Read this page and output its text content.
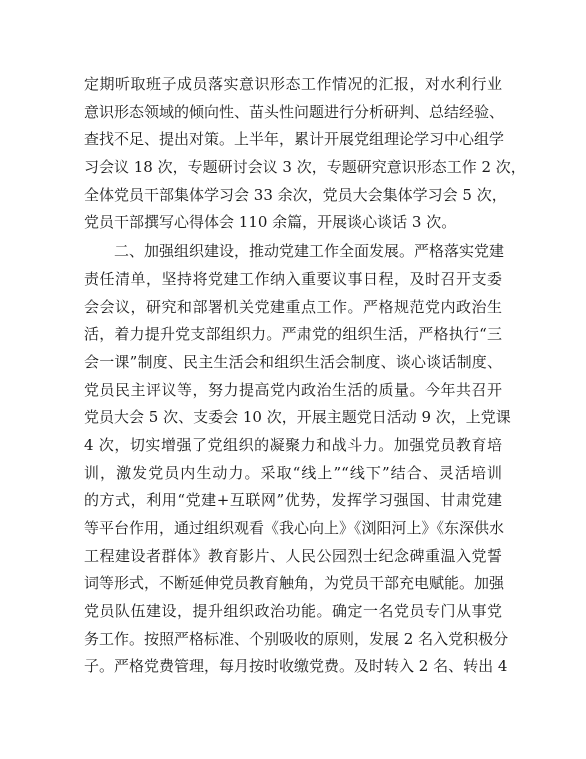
定期听取班子成员落实意识形态工作情况的汇报，对水利行业
意识形态领域的倾向性、苗头性问题进行分析研判、总结经验、
查找不足、提出对策。上半年，累计开展党组理论学习中心组学
习会议 18 次，专题研讨会议 3 次，专题研究意识形态工作 2 次，
全体党员干部集体学习会 33 余次，党员大会集体学习会 5 次，
党员干部撰写心得体会 110 余篇，开展谈心谈话 3 次。
　　二、加强组织建设，推动党建工作全面发展。严格落实党建
责任清单，坚持将党建工作纳入重要议事日程，及时召开支委
会会议，研究和部署机关党建重点工作。严格规范党内政治生
活，着力提升党支部组织力。严肃党的组织生活，严格执行“三
会一课”制度、民主生活会和组织生活会制度、谈心谈话制度、
党员民主评议等，努力提高党内政治生活的质量。今年共召开
党员大会 5 次、支委会 10 次，开展主题党日活动 9 次，上党课
4 次，切实增强了党组织的凝聚力和战斗力。加强党员教育培
训，激发党员内生动力。采取“线上”“线下”结合、灵活培训
的方式，利用“党建+互联网”优势，发挥学习强国、甘肃党建
等平台作用，通过组织观看《我心向上》《浏阳河上》《东深供水
工程建设者群体》教育影片、人民公园烈士纪念碑重温入党誓
词等形式，不断延伸党员教育触角，为党员干部充电赋能。加强
党员队伍建设，提升组织政治功能。确定一名党员专门从事党
务工作。按照严格标准、个别吸收的原则，发展 2 名入党积极分
子。严格党费管理，每月按时收缴党费。及时转入 2 名、转出 4
